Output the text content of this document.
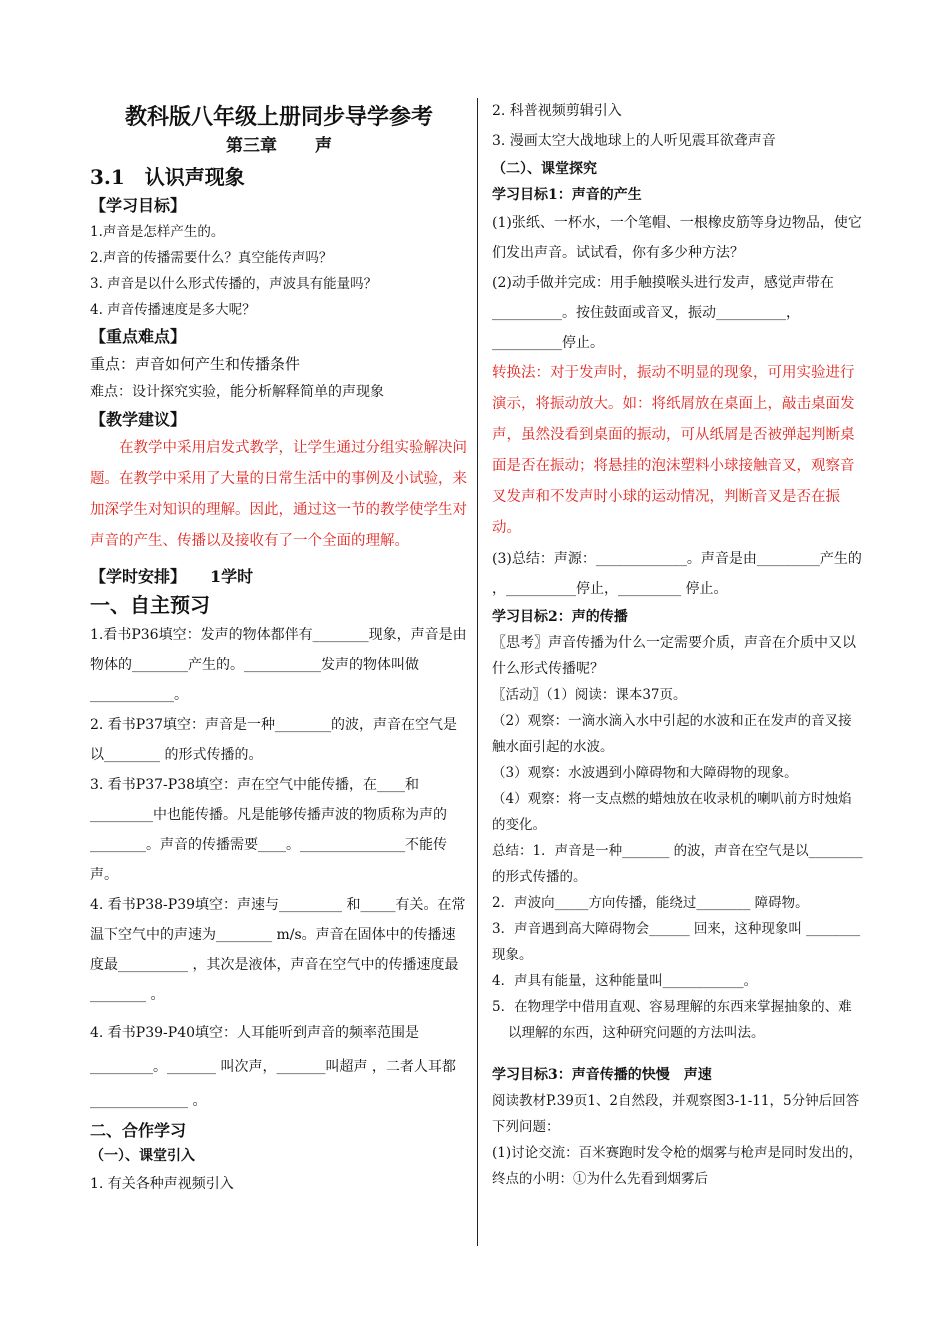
教科版八年级上册同步导学参考
第三章 声
3.1　认识声现象
【学习目标】

1.声音是怎样产生的。

2.声音的传播需要什么？真空能传声吗？

3. 声音是以什么形式传播的，声波具有能量吗？

4. 声音传播速度是多大呢？

【重点难点】

重点：声音如何产生和传播条件

难点：设计探究实验，能分析解释简单的声现象

【教学建议】

在教学中采用启发式教学，让学生通过分组实验解决问题。在教学中采用了大量的日常生活中的事例及小试验，来加深学生对知识的理解。因此，通过这一节的教学使学生对声音的产生、传播以及接收有了一个全面的理解。

【学时安排】　　1学时
一、自主预习

1.看书P36填空：发声的物体都伴有________现象，声音是由物体的________产生的。___________发声的物体叫做____________。

2. 看书P37填空：声音是一种________的波，声音在空气是以________ 的形式传播的。

3. 看书P37-P38填空：声在空气中能传播，在____和_________中也能传播。凡是能够传播声波的物质称为声的________。声音的传播需要____。_______________不能传声。

4. 看书P38-P39填空：声速与_________ 和_____有关。在常温下空气中的声速为________ m/s。声音在固体中的传播速度最__________ ，其次是液体，声音在空气中的传播速度最________ 。

4. 看书P39-P40填空：人耳能听到声音的频率范围是_________。_______ 叫次声，_______叫超声 ，二者人耳都______________ 。

二、合作学习
（一）、课堂引入

1. 有关各种声视频引入

2. 科普视频剪辑引入

3. 漫画太空大战地球上的人听见震耳欲聋声音

（二）、课堂探究
学习目标1：声音的产生

(1)张纸、一杯水，一个笔帽、一根橡皮筋等身边物品，使它们发出声音。试试看，你有多少种方法？

(2)动手做并完成：用手触摸喉头进行发声，感觉声带在__________。按住鼓面或音叉，振动__________，__________停止。

转换法：对于发声时，振动不明显的现象，可用实验进行演示，将振动放大。如：将纸屑放在桌面上，敲击桌面发声，虽然没看到桌面的振动，可从纸屑是否被弹起判断桌面是否在振动；将悬挂的泡沫塑料小球接触音叉，观察音叉发声和不发声时小球的运动情况，判断音叉是否在振动。

(3)总结：声源：_____________。声音是由_________产生的 ，__________停止，_________ 停止。

学习目标2：声的传播

〖思考〗声音传播为什么一定需要介质，声音在介质中又以什么形式传播呢？

〖活动〗（1）阅读：课本37页。

（2）观察：一滴水滴入水中引起的水波和正在发声的音叉接触水面引起的水波。

（3）观察：水波遇到小障碍物和大障碍物的现象。

（4）观察：将一支点燃的蜡烛放在收录机的喇叭前方时烛焰的变化。

总结：1．声音是一种_______ 的波，声音在空气是以________ 的形式传播的。

2．声波向_____方向传播，能绕过________ 障碍物。

3．声音遇到高大障碍物会______ 回来，这种现象叫 ________现象。

4．声具有能量，这种能量叫____________。

5．在物理学中借用直观、容易理解的东西来掌握抽象的、难以理解的东西，这种研究问题的方法叫法。

学习目标3：声音传播的快慢　声速

阅读教材P.39页1、2自然段，并观察图3-1-11，5分钟后回答下列问题：

(1)讨论交流：百米赛跑时发令枪的烟雾与枪声是同时发出的，终点的小明：①为什么先看到烟雾后
